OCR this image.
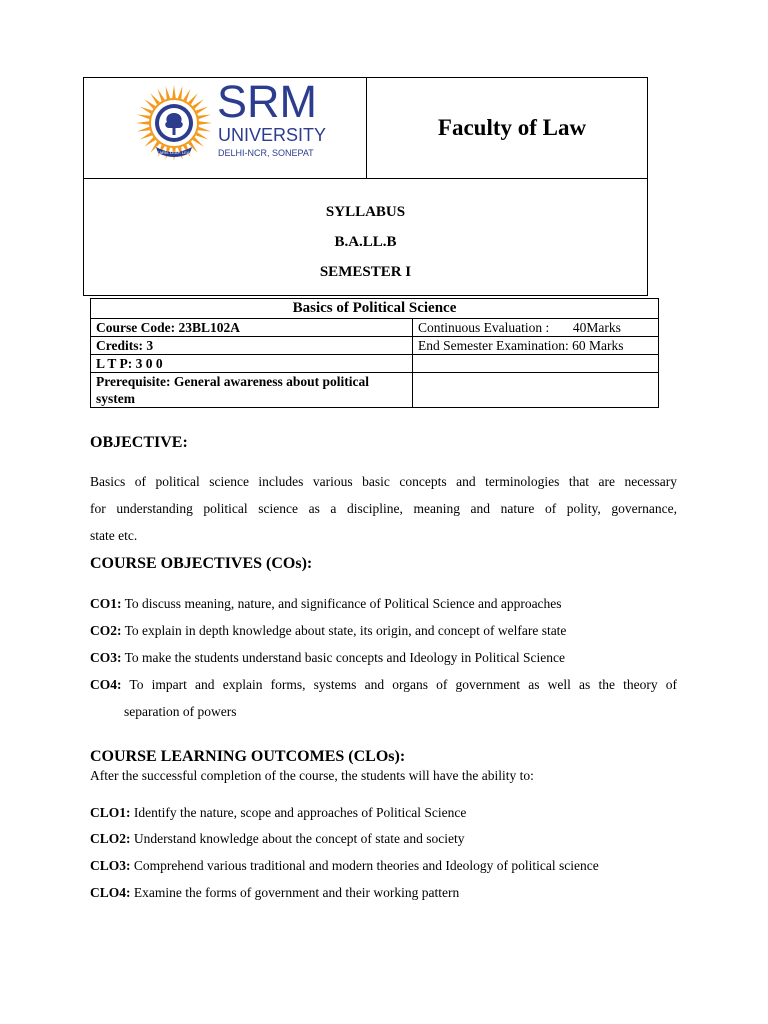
LEARN. LEAP. LEAD.
SRM
UNIVERSITY
DELHI-NCR, SONEPAT
Faculty of Law
SYLLABUS
B.A.LL.B
SEMESTER I
Basics of Political Science	
Course Code: 23BL102A	Continuous Evaluation :       40Marks
Credits: 3	End Semester Examination: 60 Marks
L T P: 3 0 0	
Prerequisite: General awareness about political system	
OBJECTIVE:
Basics of political science includes various basic concepts and terminologies that are necessary
for understanding political science as a discipline, meaning and nature of polity, governance,
state etc.
COURSE OBJECTIVES (COs):
CO1: To discuss meaning, nature, and significance of Political Science and approaches
CO2: To explain in depth knowledge about state, its origin, and concept of welfare state
CO3: To make the students understand basic concepts and Ideology in Political Science
CO4: To impart and explain forms, systems and organs of government as well as the theory of
separation of powers
COURSE LEARNING OUTCOMES (CLOs):
After the successful completion of the course, the students will have the ability to:
CLO1: Identify the nature, scope and approaches of Political Science
CLO2: Understand knowledge about the concept of state and society
CLO3: Comprehend various traditional and modern theories and Ideology of political science
CLO4: Examine the forms of government and their working pattern
